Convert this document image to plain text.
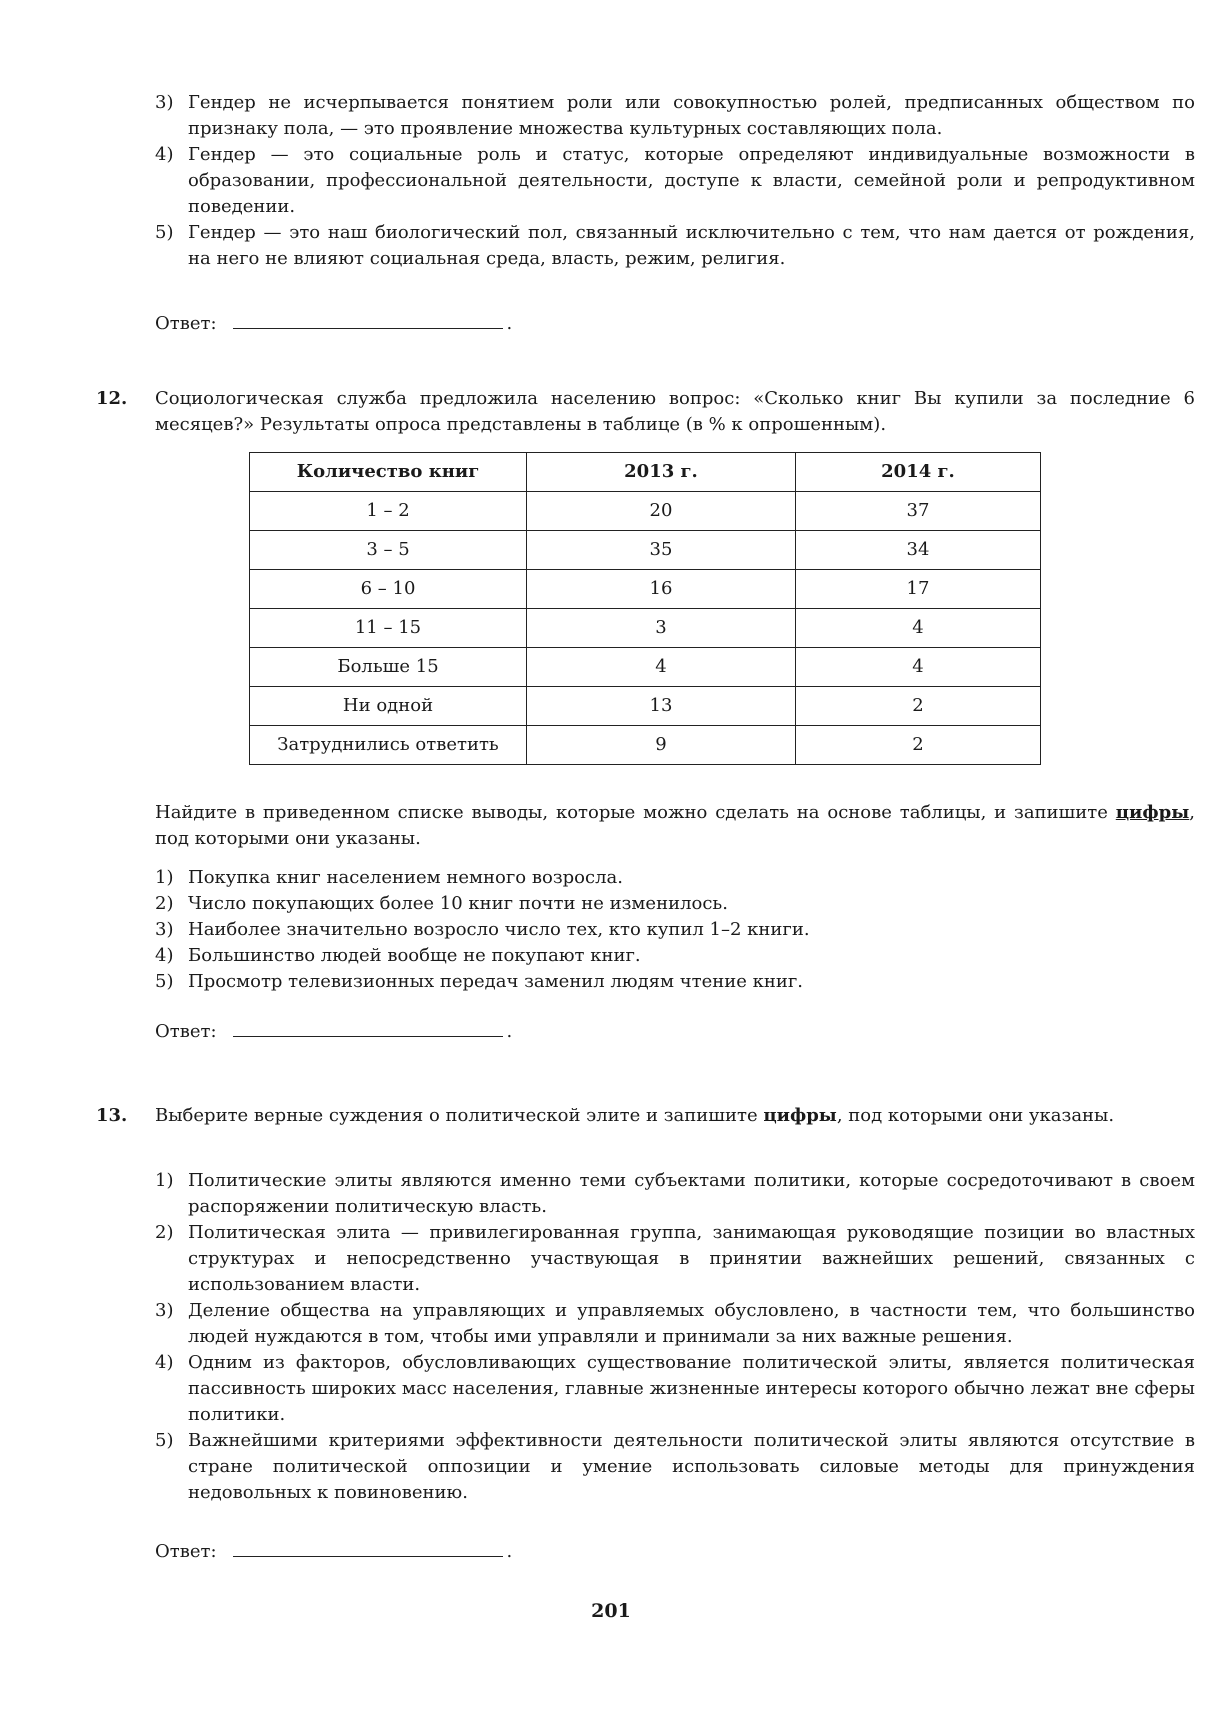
3) Гендер не исчерпывается понятием роли или совокупностью ролей, предписанных обществом по признаку пола, — это проявление множества культурных составляющих пола.
4) Гендер — это социальные роль и статус, которые определяют индивидуальные возможности в образовании, профессиональной деятельности, доступе к власти, семейной роли и репродуктивном поведении.
5) Гендер — это наш биологический пол, связанный исключительно с тем, что нам дается от рождения, на него не влияют социальная среда, власть, режим, религия.
Ответ:	.
12. Социологическая служба предложила населению вопрос: «Сколько книг Вы купили за последние 6 месяцев?» Результаты опроса представлены в таблице (в % к опрошенным).
Количество книг	2013 г.	2014 г.
1 – 2	20	37
3 – 5	35	34
6 – 10	16	17
11 – 15	3	4
Больше 15	4	4
Ни одной	13	2
Затруднились ответить	9	2
Найдите в приведенном списке выводы, которые можно сделать на основе таблицы, и запишите цифры, под которыми они указаны.
1) Покупка книг населением немного возросла.
2) Число покупающих более 10 книг почти не изменилось.
3) Наиболее значительно возросло число тех, кто купил 1–2 книги.
4) Большинство людей вообще не покупают книг.
5) Просмотр телевизионных передач заменил людям чтение книг.
Ответ:	.
13. Выберите верные суждения о политической элите и запишите цифры, под которыми они указаны.
1) Политические элиты являются именно теми субъектами политики, которые сосредоточивают в своем распоряжении политическую власть.
2) Политическая элита — привилегированная группа, занимающая руководящие позиции во властных структурах и непосредственно участвующая в принятии важнейших решений, связанных с использованием власти.
3) Деление общества на управляющих и управляемых обусловлено, в частности тем, что большинство людей нуждаются в том, чтобы ими управляли и принимали за них важные решения.
4) Одним из факторов, обусловливающих существование политической элиты, является политическая пассивность широких масс населения, главные жизненные интересы которого обычно лежат вне сферы политики.
5) Важнейшими критериями эффективности деятельности политической элиты являются отсутствие в стране политической оппозиции и умение использовать силовые методы для принуждения недовольных к повиновению.
Ответ:	.
201
